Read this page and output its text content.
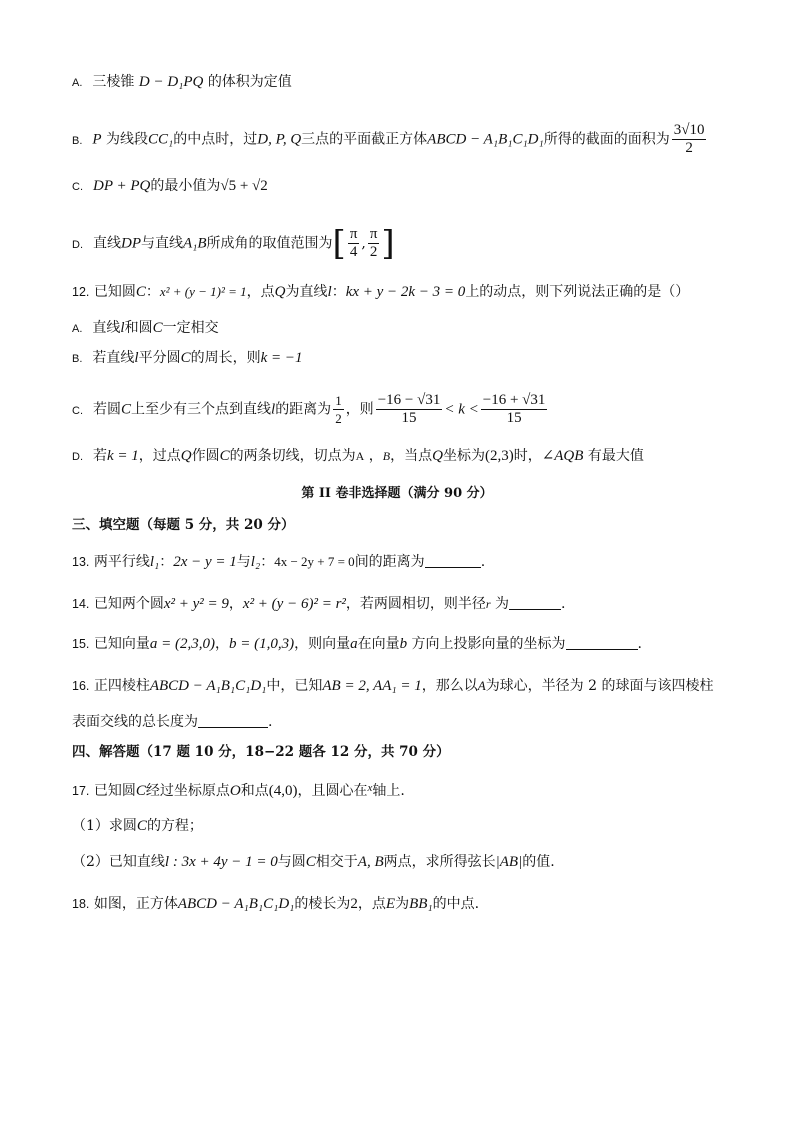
A. 三棱锥 D − D₁PQ 的体积为定值
B. P 为线段CC₁的中点时，过D, P, Q三点的平面截正方体ABCD − A₁B₁C₁D₁所得的截面的面积为 $\frac{3√10}{2}$
C. DP + PQ的最小值为√5 + √2
D. 直线DP与直线A₁B所成角的取值范围为[ $\frac{\pi}{4}$ , $\frac{\pi}{2}$ ]
12. 已知圆C：x² + (y − 1)² = 1，点Q为直线l：kx + y − 2k − 3 = 0上的动点，则下列说法正确的是（）
A. 直线l和圆C一定相交
B. 若直线l平分圆C的周长，则k = −1
C. 若圆C上至少有三个点到直线l的距离为 $\frac{1}{2}$ ，则 $\frac{-16 - √31}{15} < k < \frac{-16 + √31}{15}$
D. 若k = 1，过点Q作圆C的两条切线，切点为A ，B，当点Q坐标为(2,3)时，∠AQB 有最大值
第 II 卷非选择题（满分 90 分）
三、填空题（每题 5 分，共 20 分）
13. 两平行线l₁：2x − y = 1与l₂：4x − 2y + 7 = 0间的距离为	.
14. 已知两个圆x² + y² = 9，x² + (y − 6)² = r²，若两圆相切，则半径r 为	.
15. 已知向量a = (2,3,0)，b = (1,0,3)，则向量a在向量b 方向上投影向量的坐标为	.
16. 正四棱柱ABCD − A₁B₁C₁D₁中，已知AB = 2, AA₁ = 1，那么以A为球心，半径为 2 的球面与该四棱柱
表面交线的总长度为	.
四、解答题（17 题 10 分，18−22 题各 12 分，共 70 分）
17. 已知圆C经过坐标原点O和点(4,0)，且圆心在$^x$轴上.
（1）求圆C的方程；
（2）已知直线l : 3x + 4y − 1 = 0与圆C相交于A, B两点，求所得弦长|AB|的值.
18. 如图，正方体ABCD − A₁B₁C₁D₁的棱长为2，点E为BB₁的中点.
